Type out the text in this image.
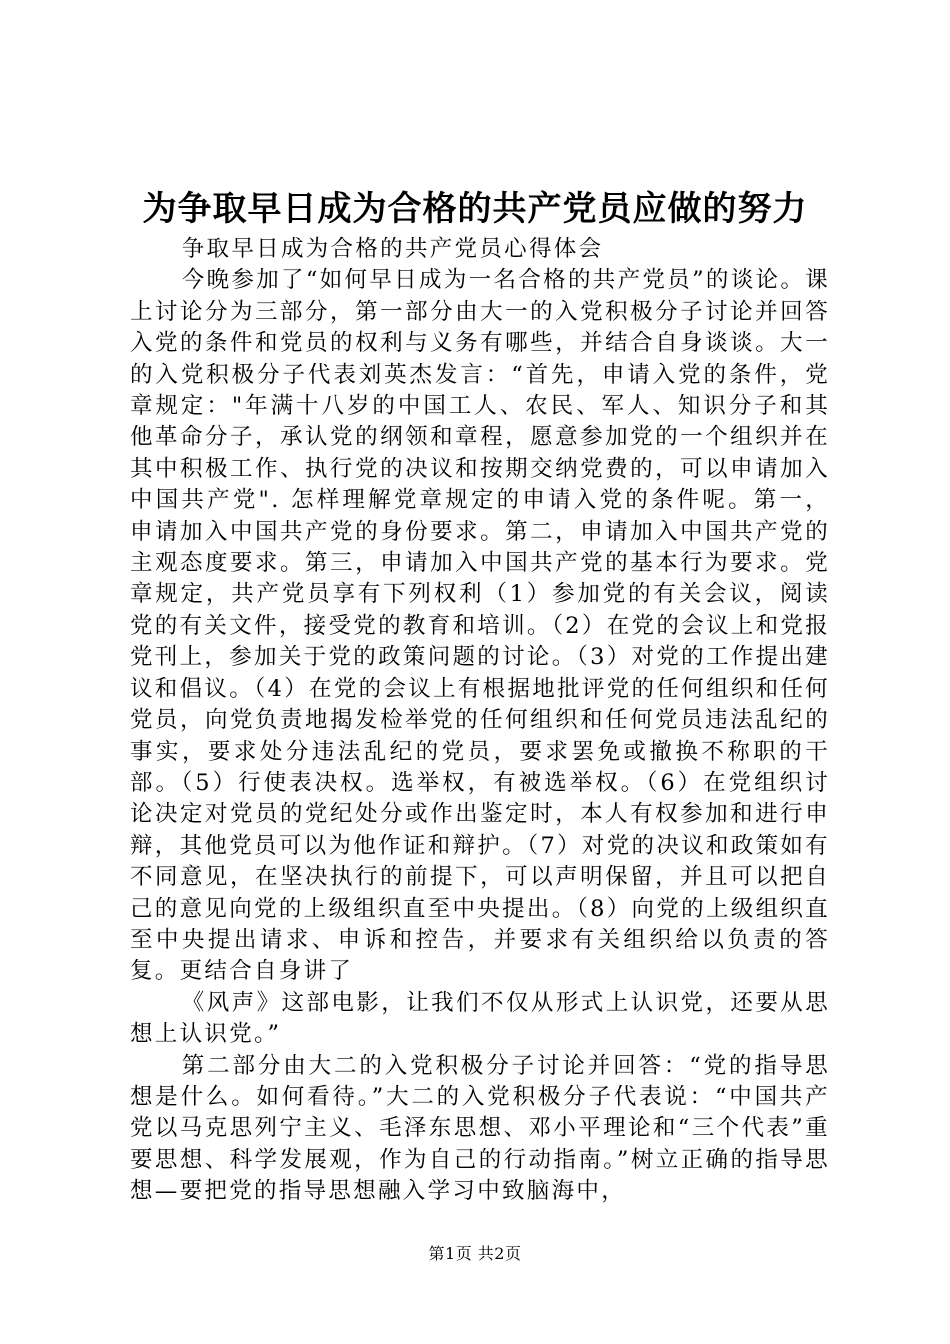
为争取早日成为合格的共产党员应做的努力

争取早日成为合格的共产党员心得体会

今晚参加了“如何早日成为一名合格的共产党员”的谈论。课上讨论分为三部分，第一部分由大一的入党积极分子讨论并回答入党的条件和党员的权利与义务有哪些，并结合自身谈谈。大一的入党积极分子代表刘英杰发言：“首先，申请入党的条件，党章规定："年满十八岁的中国工人、农民、军人、知识分子和其他革命分子，承认党的纲领和章程，愿意参加党的一个组织并在其中积极工作、执行党的决议和按期交纳党费的，可以申请加入中国共产党". 怎样理解党章规定的申请入党的条件呢。第一，申请加入中国共产党的身份要求。第二，申请加入中国共产党的主观态度要求。第三，申请加入中国共产党的基本行为要求。党章规定，共产党员享有下列权利（1）参加党的有关会议，阅读党的有关文件，接受党的教育和培训。（2）在党的会议上和党报党刊上，参加关于党的政策问题的讨论。（3）对党的工作提出建议和倡议。（4）在党的会议上有根据地批评党的任何组织和任何党员，向党负责地揭发检举党的任何组织和任何党员违法乱纪的事实，要求处分违法乱纪的党员，要求罢免或撤换不称职的干部。（5）行使表决权。选举权，有被选举权。（6）在党组织讨论决定对党员的党纪处分或作出鉴定时，本人有权参加和进行申辩，其他党员可以为他作证和辩护。（7）对党的决议和政策如有不同意见，在坚决执行的前提下，可以声明保留，并且可以把自己的意见向党的上级组织直至中央提出。（8）向党的上级组织直至中央提出请求、申诉和控告，并要求有关组织给以负责的答复。更结合自身讲了

《风声》这部电影，让我们不仅从形式上认识党，还要从思想上认识党。”

第二部分由大二的入党积极分子讨论并回答：“党的指导思想是什么。如何看待。”大二的入党积极分子代表说：“中国共产党以马克思列宁主义、毛泽东思想、邓小平理论和“三个代表”重要思想、科学发展观，作为自己的行动指南。”树立正确的指导思想—要把党的指导思想融入学习中致脑海中，

第1页 共2页
